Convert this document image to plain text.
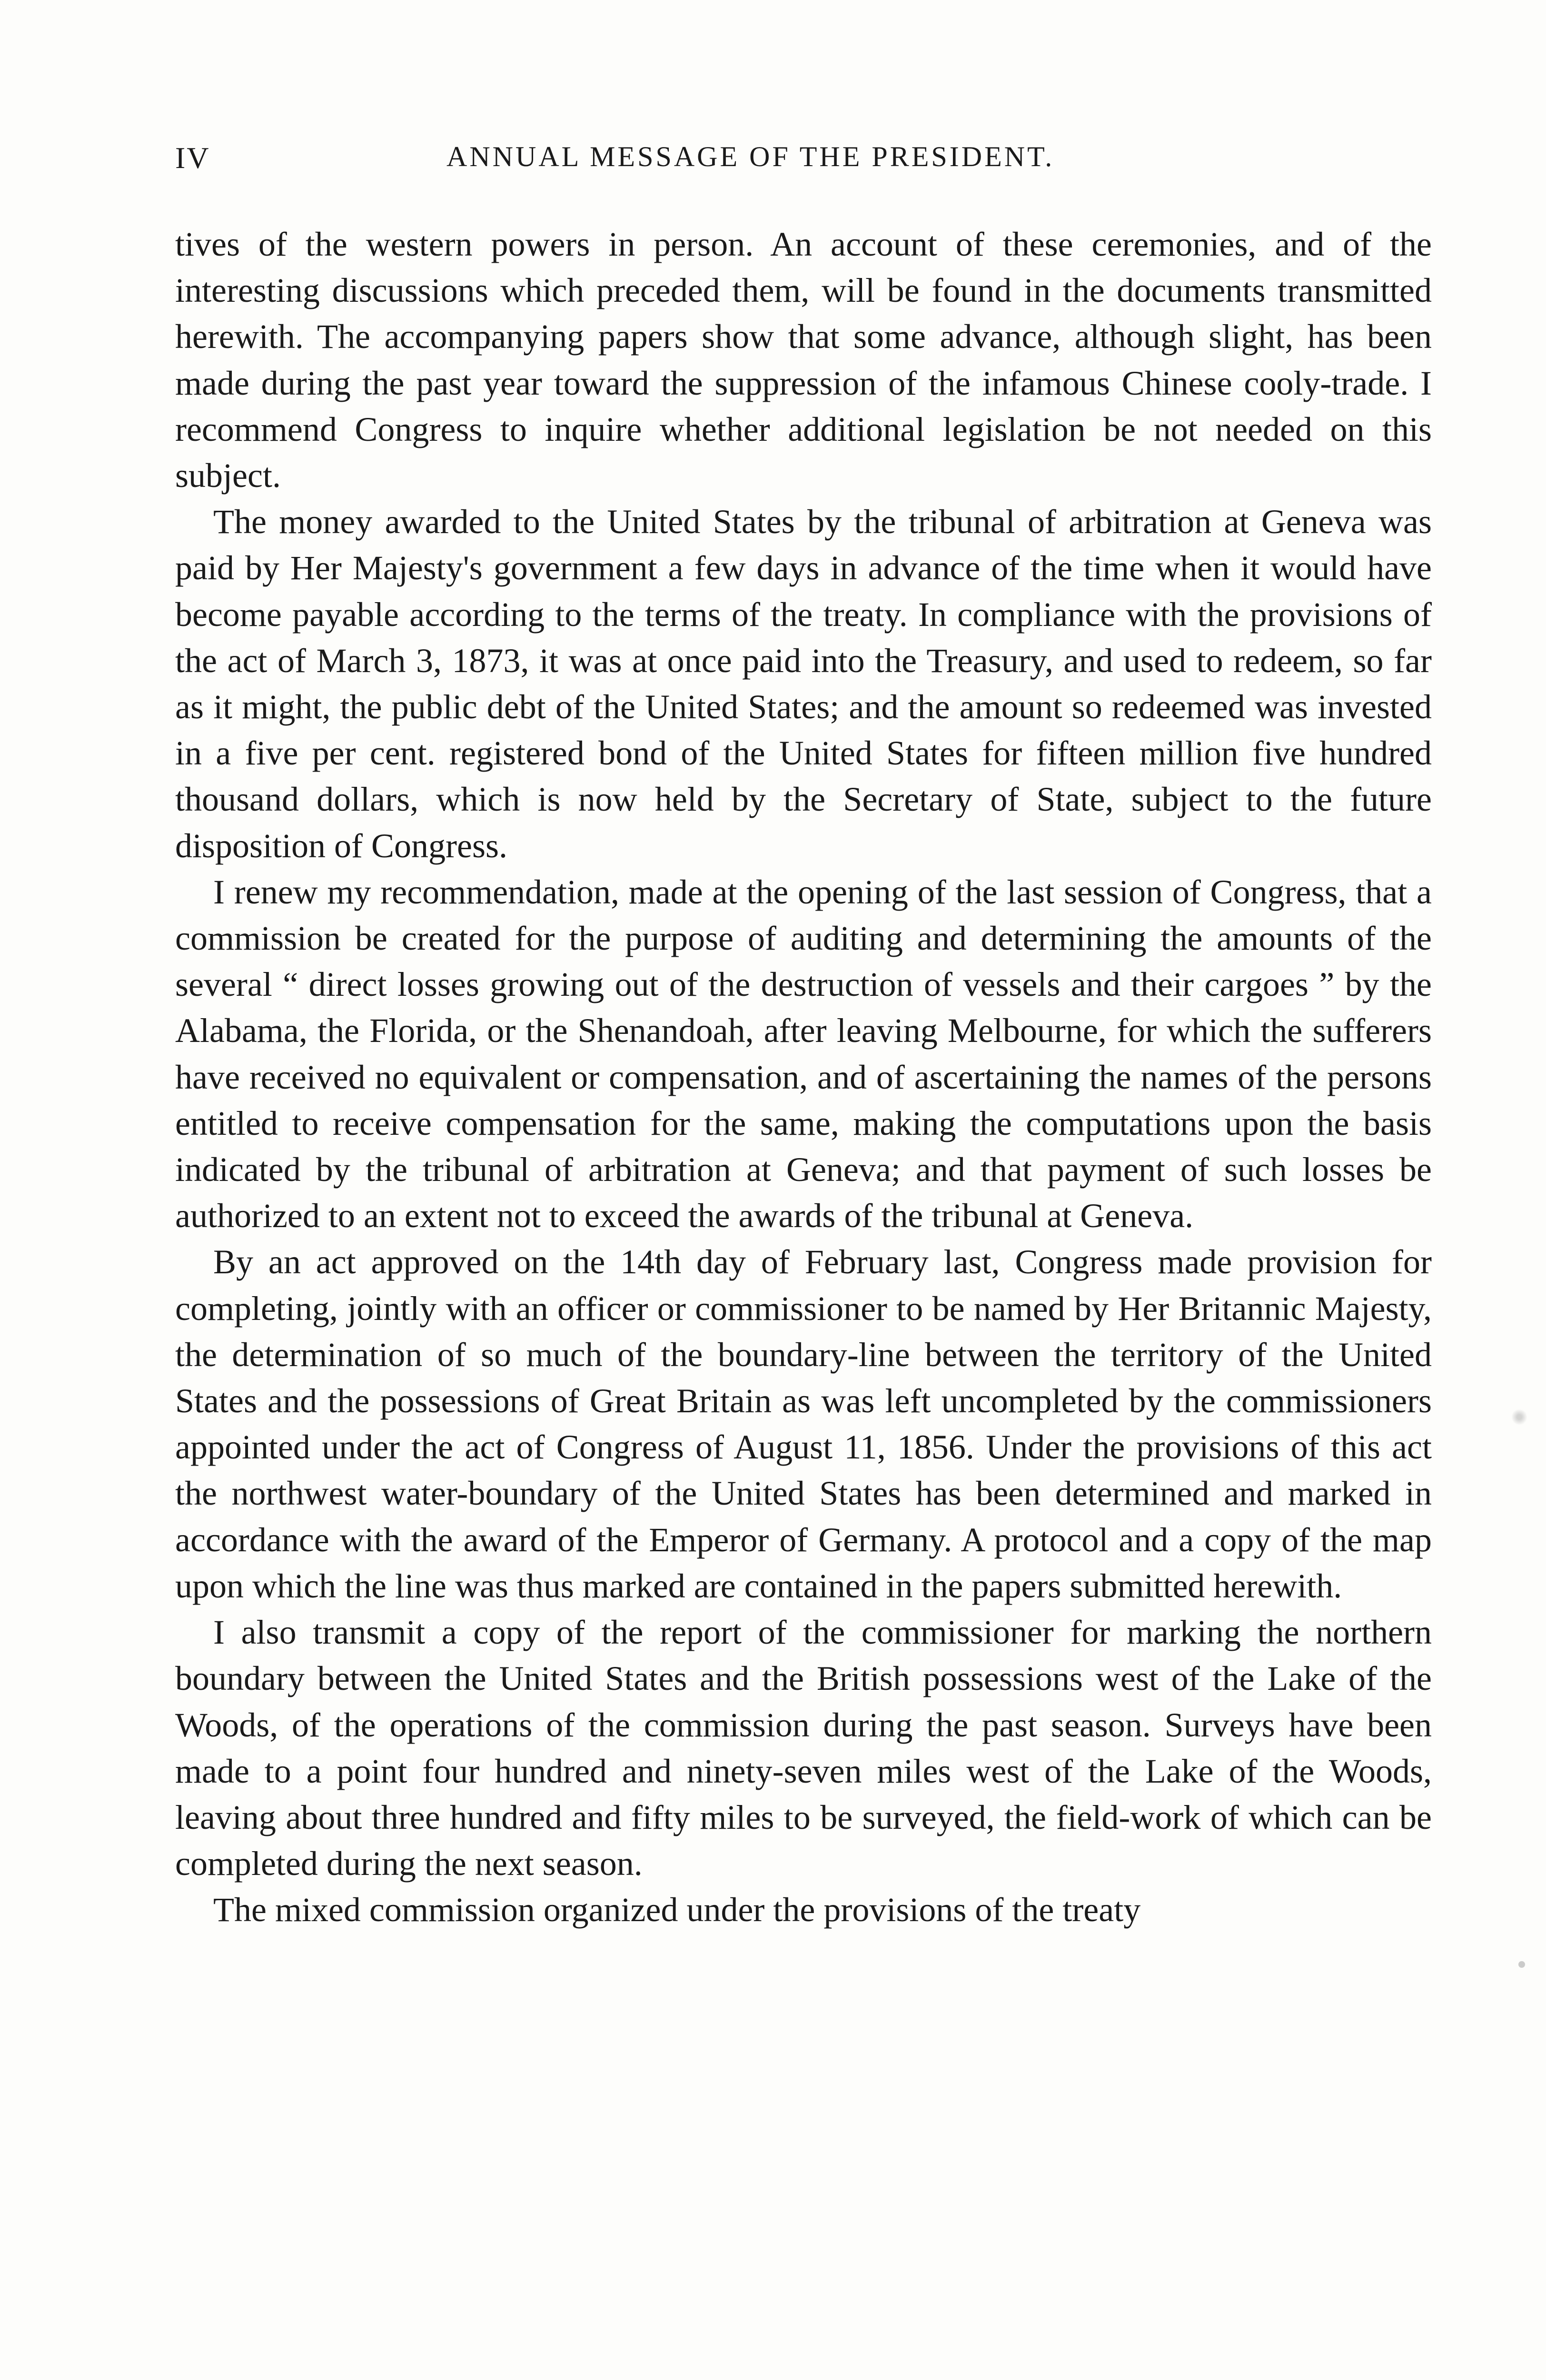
IV	ANNUAL MESSAGE OF THE PRESIDENT.

tives of the western powers in person. An account of these ceremonies, and of the interesting discussions which preceded them, will be found in the documents transmitted herewith. The accompanying papers show that some advance, although slight, has been made during the past year toward the suppression of the infamous Chinese cooly-trade. I recommend Congress to inquire whether additional legislation be not needed on this subject.

The money awarded to the United States by the tribunal of arbitration at Geneva was paid by Her Majesty's government a few days in advance of the time when it would have become payable according to the terms of the treaty. In compliance with the provisions of the act of March 3, 1873, it was at once paid into the Treasury, and used to redeem, so far as it might, the public debt of the United States; and the amount so redeemed was invested in a five per cent. registered bond of the United States for fifteen million five hundred thousand dollars, which is now held by the Secretary of State, subject to the future disposition of Congress.

I renew my recommendation, made at the opening of the last session of Congress, that a commission be created for the purpose of auditing and determining the amounts of the several “ direct losses growing out of the destruction of vessels and their cargoes ” by the Alabama, the Florida, or the Shenandoah, after leaving Melbourne, for which the sufferers have received no equivalent or compensation, and of ascertaining the names of the persons entitled to receive compensation for the same, making the computations upon the basis indicated by the tribunal of arbitration at Geneva; and that payment of such losses be authorized to an extent not to exceed the awards of the tribunal at Geneva.

By an act approved on the 14th day of February last, Congress made provision for completing, jointly with an officer or commissioner to be named by Her Britannic Majesty, the determination of so much of the boundary-line between the territory of the United States and the possessions of Great Britain as was left uncompleted by the commissioners appointed under the act of Congress of August 11, 1856. Under the provisions of this act the northwest water-boundary of the United States has been determined and marked in accordance with the award of the Emperor of Germany. A protocol and a copy of the map upon which the line was thus marked are contained in the papers submitted herewith.

I also transmit a copy of the report of the commissioner for marking the northern boundary between the United States and the British possessions west of the Lake of the Woods, of the operations of the commission during the past season. Surveys have been made to a point four hundred and ninety-seven miles west of the Lake of the Woods, leaving about three hundred and fifty miles to be surveyed, the field-work of which can be completed during the next season.

The mixed commission organized under the provisions of the treaty
